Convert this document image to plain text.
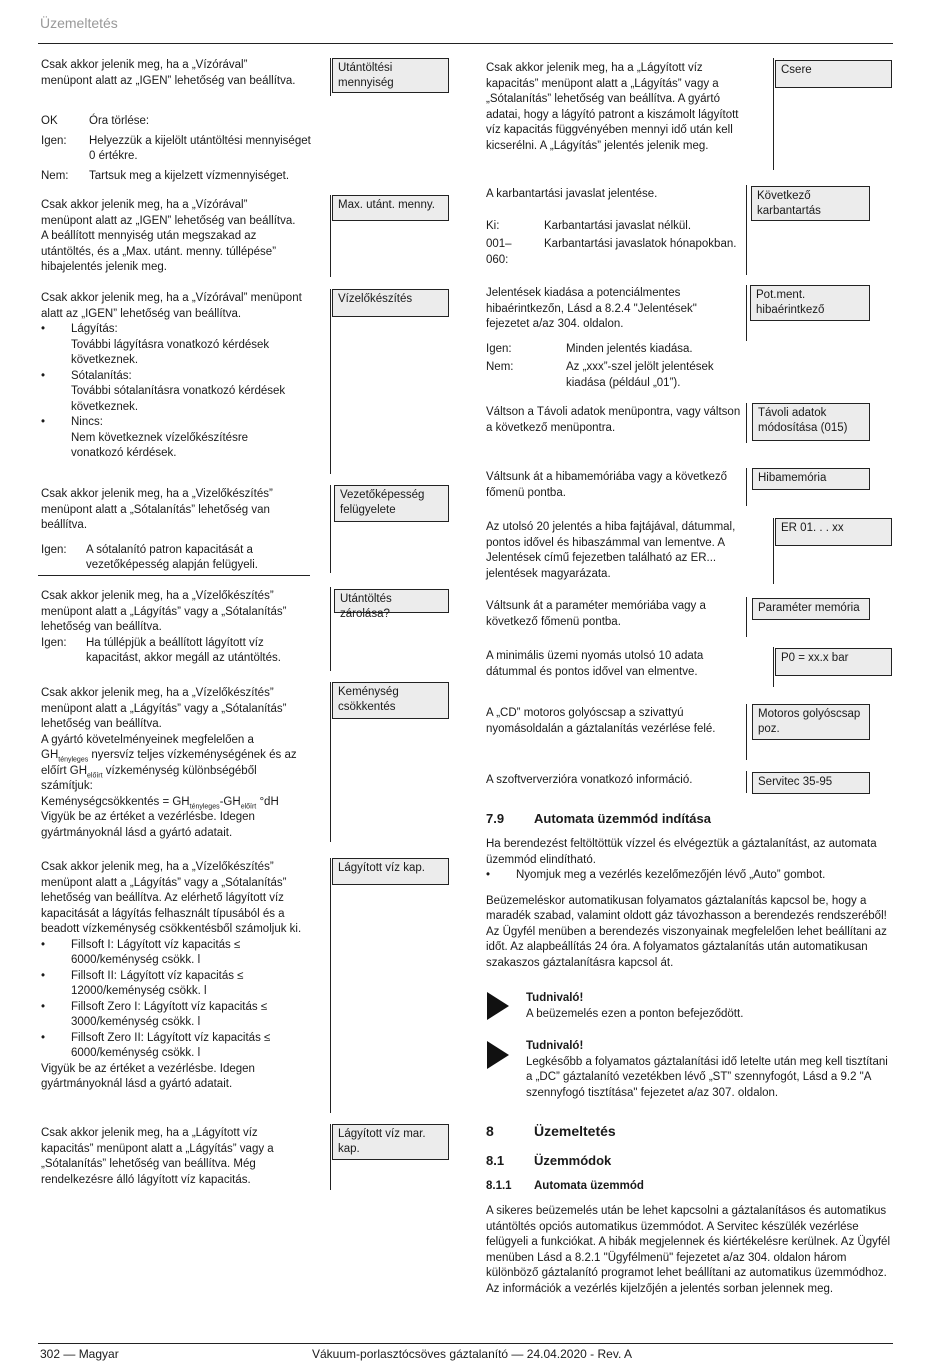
Üzemeltetés

Csak akkor jelenik meg, ha a „Vízórával” menüpont alatt az „IGEN” lehetőség van beállítva.

Utántöltési mennyiség
OK	Óra törlése:
Igen:	Helyezzük a kijelölt utántöltési mennyiséget 0 értékre.
Nem:	Tartsuk meg a kijelzett vízmennyiséget.

Csak akkor jelenik meg, ha a „Vízórával” menüpont alatt az „IGEN” lehetőség van beállítva. A beállított mennyiség után megszakad az utántöltés, és a „Max. utánt. menny. túllépése” hibajelentés jelenik meg.

Max. utánt. menny.

Csak akkor jelenik meg, ha a „Vízórával” menüpont alatt az „IGEN” lehetőség van beállítva.

•	Lágyítás:
További lágyításra vonatkozó kérdések következnek.
•	Sótalanítás:
További sótalanításra vonatkozó kérdések következnek.
•	Nincs:
Nem következnek vízelőkészítésre vonatkozó kérdések.
Vízelőkészítés

Csak akkor jelenik meg, ha a „Vizelőkészítés” menüpont alatt a „Sótalanítás” lehetőség van beállítva.

Igen:	A sótalanító patron kapacitását a vezetőképesség alapján felügyeli.
Vezetőképesség felügyelete

Csak akkor jelenik meg, ha a „Vízelőkészítés” menüpont alatt a „Lágyítás” vagy a „Sótalanítás” lehetőség van beállítva.

Igen:	Ha túllépjük a beállított lágyított víz kapacitást, akkor megáll az utántöltés.
Utántöltés zárolása?

Csak akkor jelenik meg, ha a „Vízelőkészítés” menüpont alatt a „Lágyítás” vagy a „Sótalanítás” lehetőség van beállítva.

A gyártó követelményeinek megfelelően a $GH_{tényleges}$ nyersvíz teljes vízkeménységének és az előírt $GH_{előírt}$ vízkeménység különbségéből számítjuk:

Keménységcsökkentés = $GH_{tényleges}-GH_{előírt}$ °dH

Vigyük be az értéket a vezérlésbe. Idegen gyártmányoknál lásd a gyártó adatait.

Keménység csökkentés

Csak akkor jelenik meg, ha a „Vízelőkészítés” menüpont alatt a „Lágyítás” vagy a „Sótalanítás” lehetőség van beállítva. Az elérhető lágyított víz kapacitását a lágyítás felhasznált típusából és a beadott vízkeménység csökkentésből számoljuk ki.

•	Fillsoft I: Lágyított víz kapacitás ≤ 6000/keménység csökk. l
•	Fillsoft II: Lágyított víz kapacitás ≤ 12000/keménység csökk. l
•	Fillsoft Zero I: Lágyított víz kapacitás ≤ 3000/keménység csökk. l
•	Fillsoft Zero II: Lágyított víz kapacitás ≤ 6000/keménység csökk. l

Vigyük be az értéket a vezérlésbe. Idegen gyártmányoknál lásd a gyártó adatait.

Lágyított víz kap.

Csak akkor jelenik meg, ha a „Lágyított víz kapacitás” menüpont alatt a „Lágyítás” vagy a „Sótalanítás” lehetőség van beállítva. Még rendelkezésre álló lágyított víz kapacitás.

Lágyított víz mar. kap.

Csak akkor jelenik meg, ha a „Lágyított víz kapacitás” menüpont alatt a „Lágyítás” vagy a „Sótalanítás” lehetőség van beállítva. A gyártó adatai, hogy a lágyító patront a kiszámolt lágyított víz kapacitás függvényében mennyi idő után kell kicserélni. A „Lágyítás” jelentés jelenik meg.

Csere

A karbantartási javaslat jelentése.

Ki:	Karbantartási javaslat nélkül.
001–060:
Karbantartási javaslatok hónapokban.
Következő karbantartás

Jelentések kiadása a potenciálmentes hibaérintkezőn, Lásd a 8.2.4 "Jelentések" fejezetet a/az 304. oldalon.

Igen:	Minden jelentés kiadása.
Nem:	Az „xxx”-szel jelölt jelentések kiadása (például „01”).
Pot.ment. hibaérintkező

Váltson a Távoli adatok menüpontra, vagy váltson a következő menüpontra.

Távoli adatok módosítása (015)

Váltsunk át a hibamemóriába vagy a következő főmenü pontba.

Hibamemória

Az utolsó 20 jelentés a hiba fajtájával, dátummal, pontos idővel és hibaszámmal van lementve. A Jelentések című fejezetben található az ER... jelentések magyarázata.

ER 01. . . xx

Váltsunk át a paraméter memóriába vagy a következő főmenü pontba.

Paraméter memória

A minimális üzemi nyomás utolsó 10 adata dátummal és pontos idővel van elmentve.

P0 = xx.x bar

A „CD” motoros golyóscsap a szivattyú nyomásoldalán a gáztalanítás vezérlése felé.

Motoros golyóscsap poz.

A szoftververzióra vonatkozó információ.	Servitec 35-95
7.9 Automata üzemmód indítása

Ha berendezést feltöltöttük vízzel és elvégeztük a gáztalanítást, az automata üzemmód elindítható.

•	Nyomjuk meg a vezérlés kezelőmezőjén lévő „Auto” gombot.

Beüzemeléskor automatikusan folyamatos gáztalanítás kapcsol be, hogy a maradék szabad, valamint oldott gáz távozhasson a berendezés rendszeréből! Az Ügyfél menüben a berendezés viszonyainak megfelelően lehet beállítani az időt. Az alapbeállítás 24 óra. A folyamatos gáztalanítás után automatikusan szakaszos gáztalanításra kapcsol át.

Tudnivaló!

A beüzemelés ezen a ponton befejeződött.

Tudnivaló!

Legkésőbb a folyamatos gáztalanítási idő letelte után meg kell tisztítani a „DC” gáztalanító vezetékben lévő „ST” szennyfogót, Lásd a 9.2 "A szennyfogó tisztítása" fejezetet a/az 307. oldalon.

8	Üzemeltetés
8.1 Üzemmódok
8.1.1 Automata üzemmód

A sikeres beüzemelés után be lehet kapcsolni a gáztalanításos és automatikus utántöltés opciós automatikus üzemmódot. A Servitec készülék vezérlése felügyeli a funkciókat. A hibák megjelennek és kiértékelésre kerülnek. Az Ügyfél menüben Lásd a 8.2.1 "Ügyfélmenü" fejezetet a/az 304. oldalon három különböző gáztalanító programot lehet beállítani az automatikus üzemmódhoz. Az információk a vezérlés kijelzőjén a jelentés sorban jelennek meg.

302 — Magyar	Vákuum-porlasztócsöves gáztalanító — 24.04.2020 - Rev. A
